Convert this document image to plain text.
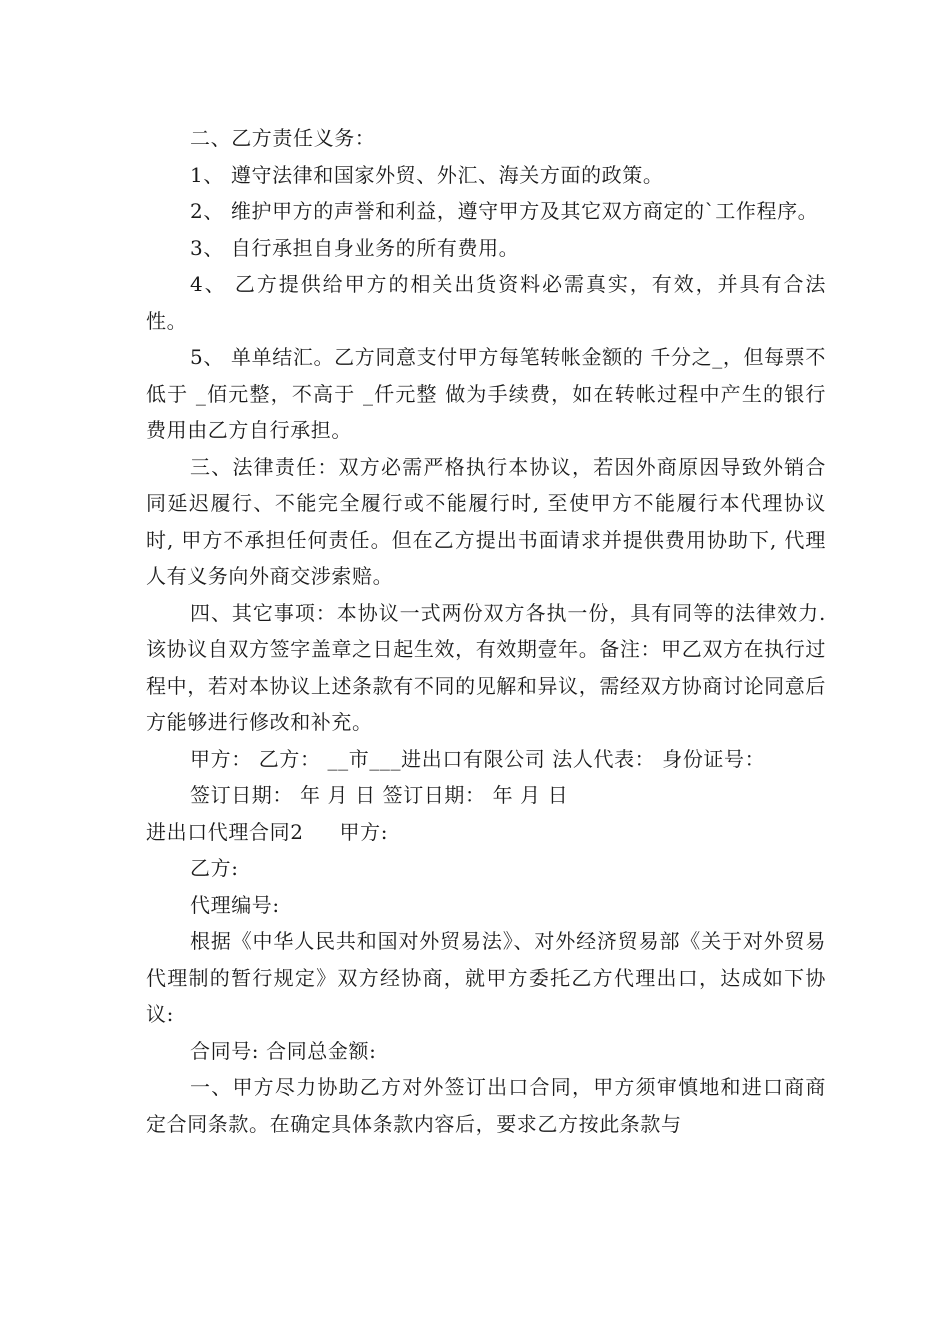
二、乙方责任义务：

1、 遵守法律和国家外贸、外汇、海关方面的政策。

2、 维护甲方的声誉和利益，遵守甲方及其它双方商定的`工作程序。

3、 自行承担自身业务的所有费用。

4、 乙方提供给甲方的相关出货资料必需真实，有效，并具有合法性。

5、 单单结汇。乙方同意支付甲方每笔转帐金额的 千分之_，但每票不低于 _佰元整，不高于 _仟元整 做为手续费，如在转帐过程中产生的银行费用由乙方自行承担。

三、法律责任：双方必需严格执行本协议，若因外商原因导致外销合同延迟履行、不能完全履行或不能履行时, 至使甲方不能履行本代理协议时, 甲方不承担任何责任。但在乙方提出书面请求并提供费用协助下, 代理人有义务向外商交涉索赔。

四、其它事项：本协议一式两份双方各执一份，具有同等的法律效力. 该协议自双方签字盖章之日起生效，有效期壹年。备注：甲乙双方在执行过程中，若对本协议上述条款有不同的见解和异议，需经双方协商讨论同意后方能够进行修改和补充。

甲方： 乙方： __市___进出口有限公司 法人代表： 身份证号：

签订日期： 年 月 日 签订日期： 年 月 日

进出口代理合同2 甲方:

乙方:

代理编号:

根据《中华人民共和国对外贸易法》、对外经济贸易部《关于对外贸易代理制的暂行规定》双方经协商，就甲方委托乙方代理出口，达成如下协议:

合同号: 合同总金额:

一、甲方尽力协助乙方对外签订出口合同，甲方须审慎地和进口商商定合同条款。在确定具体条款内容后，要求乙方按此条款与
